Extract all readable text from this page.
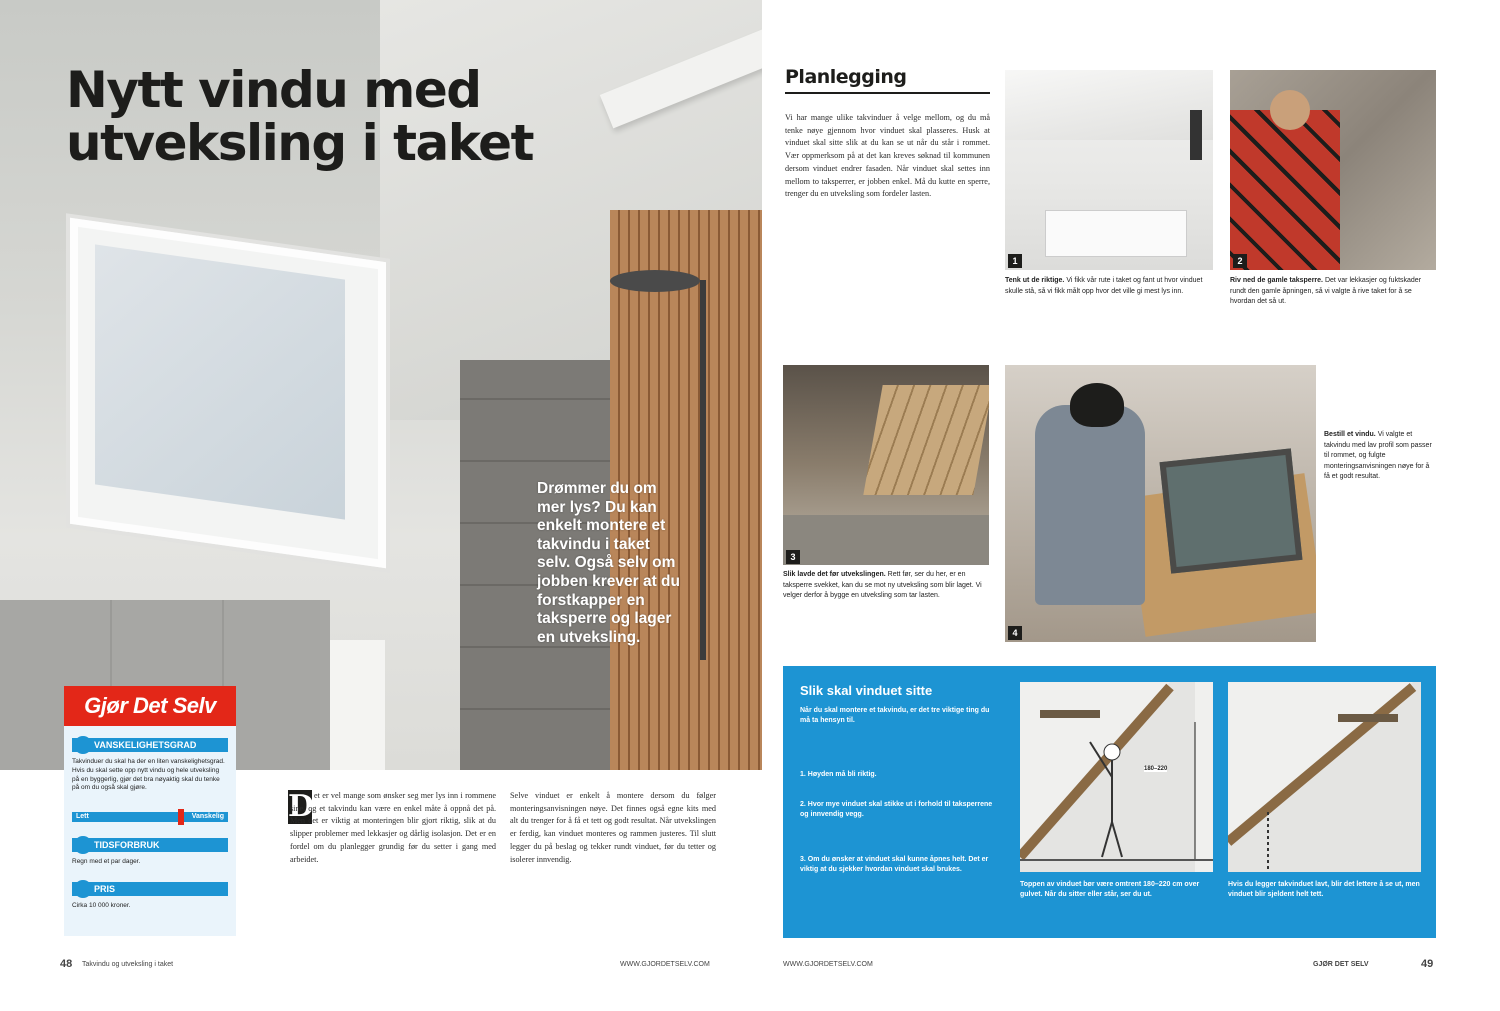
Nytt vindu med utveksling i taket

Drømmer du om mer lys? Du kan enkelt montere et takvindu i taket selv. Også selv om jobben krever at du forstkapper en taksperre og lager en utveksling.

Gjør Det Selv
VANSKELIGHETSGRAD

Takvinduer du skal ha der en liten vanskelighetsgrad. Hvis du skal sette opp nytt vindu og hele utveksling på en byggerlig, gjør det bra nøyaktig skal du tenke på om du også skal gjøre.

Lett	Vanskelig
TIDSFORBRUK

Regn med et par dager.

PRIS

Cirka 10 000 kroner.

D et er vel mange som ønsker seg mer lys inn i rommene sine, og et takvindu kan være en enkel måte å oppnå det på. Men det er viktig at monteringen blir gjort riktig, slik at du slipper problemer med lekkasjer og dårlig isolasjon. Det er en fordel om du planlegger grundig før du setter i gang med arbeidet.

Selve vinduet er enkelt å montere dersom du følger monteringsanvisningen nøye. Det finnes også egne kits med alt du trenger for å få et tett og godt resultat. Når utvekslingen er ferdig, kan vinduet monteres og rammen justeres. Til slutt legger du på beslag og tekker rundt vinduet, før du tetter og isolerer innvendig.

48 Takvindu og utveksling i taket	WWW.GJORDETSELV.COM
Planlegging

Vi har mange ulike takvinduer å velge mellom, og du må tenke nøye gjennom hvor vinduet skal plasseres. Husk at vinduet skal sitte slik at du kan se ut når du står i rommet. Vær oppmerksom på at det kan kreves søknad til kommunen dersom vinduet endrer fasaden. Når vinduet skal settes inn mellom to taksperrer, er jobben enkel. Må du kutte en sperre, trenger du en utveksling som fordeler lasten.

1

Tenk ut de riktige. Vi fikk vår rute i taket og fant ut hvor vinduet skulle stå, så vi fikk målt opp hvor det ville gi mest lys inn.

2

Riv ned de gamle taksperre. Det var lekkasjer og fuktskader rundt den gamle åpningen, så vi valgte å rive taket for å se hvordan det så ut.

3

Slik lavde det før utvekslingen. Rett før, ser du her, er en taksperre svekket, kan du se mot ny utveksling som blir laget. Vi velger derfor å bygge en utveksling som tar lasten.

4

Bestill et vindu. Vi valgte et takvindu med lav profil som passer til rommet, og fulgte monteringsanvisningen nøye for å få et godt resultat.

Slik skal vinduet sitte

Når du skal montere et takvindu, er det tre viktige ting du må ta hensyn til.

1. Høyden må bli riktig.

2. Hvor mye vinduet skal stikke ut i forhold til taksperrene og innvendig vegg.

3. Om du ønsker at vinduet skal kunne åpnes helt. Det er viktig at du sjekker hvordan vinduet skal brukes.

180–220

Toppen av vinduet bør være omtrent 180–220 cm over gulvet. Når du sitter eller står, ser du ut.

Hvis du legger takvinduet lavt, blir det lettere å se ut, men vinduet blir sjeldent helt tett.

WWW.GJORDETSELV.COM	GJØR DET SELV	49
